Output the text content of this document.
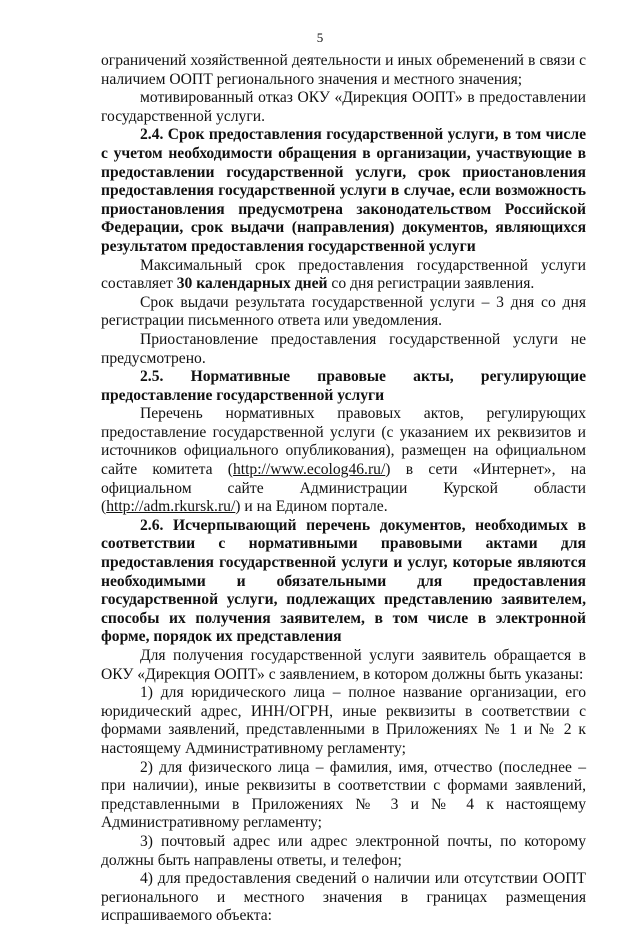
5

ограничений хозяйственной деятельности и иных обременений в связи с наличием ООПТ регионального значения и местного значения;

мотивированный отказ ОКУ «Дирекция ООПТ» в предоставлении государственной услуги.

2.4. Срок предоставления государственной услуги, в том числе с учетом необходимости обращения в организации, участвующие в предоставлении государственной услуги, срок приостановления предоставления государственной услуги в случае, если возможность приостановления предусмотрена законодательством Российской Федерации, срок выдачи (направления) документов, являющихся результатом предоставления государственной услуги

Максимальный срок предоставления государственной услуги составляет 30 календарных дней со дня регистрации заявления.

Срок выдачи результата государственной услуги – 3 дня со дня регистрации письменного ответа или уведомления.

Приостановление предоставления государственной услуги не предусмотрено.

2.5. Нормативные правовые акты, регулирующие предоставление государственной услуги

Перечень нормативных правовых актов, регулирующих предоставление государственной услуги (с указанием их реквизитов и источников официального опубликования), размещен на официальном сайте комитета (http://www.ecolog46.ru/) в сети «Интернет», на официальном сайте Администрации Курской области (http://adm.rkursk.ru/) и на Едином портале.

2.6. Исчерпывающий перечень документов, необходимых в соответствии с нормативными правовыми актами для предоставления государственной услуги и услуг, которые являются необходимыми и обязательными для предоставления государственной услуги, подлежащих представлению заявителем, способы их получения заявителем, в том числе в электронной форме, порядок их представления

Для получения государственной услуги заявитель обращается в ОКУ «Дирекция ООПТ» с заявлением, в котором должны быть указаны:

1) для юридического лица – полное название организации, его юридический адрес, ИНН/ОГРН, иные реквизиты в соответствии с формами заявлений, представленными в Приложениях № 1 и № 2 к настоящему Административному регламенту;

2) для физического лица – фамилия, имя, отчество (последнее – при наличии), иные реквизиты в соответствии с формами заявлений, представленными в Приложениях № 3 и № 4 к настоящему Административному регламенту;

3) почтовый адрес или адрес электронной почты, по которому должны быть направлены ответы, и телефон;

4) для предоставления сведений о наличии или отсутствии ООПТ регионального и местного значения в границах размещения испрашиваемого объекта:
